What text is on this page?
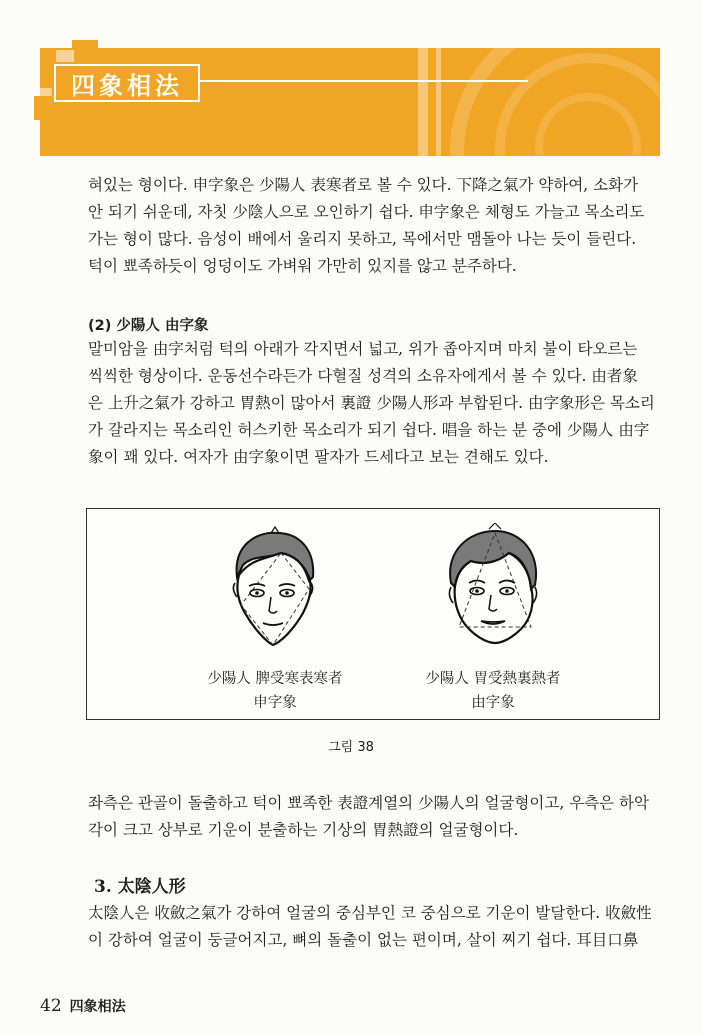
四象相法

혀있는 형이다. 申字象은 少陽人 表寒者로 볼 수 있다. 下降之氣가 약하여, 소화가

안 되기 쉬운데, 자칫 少陰人으로 오인하기 쉽다. 申字象은 체형도 가늘고 목소리도

가는 형이 많다. 음성이 배에서 울리지 못하고, 목에서만 맴돌아 나는 듯이 들린다.

턱이 뾰족하듯이 엉덩이도 가벼워 가만히 있지를 않고 분주하다.

(2) 少陽人 由字象

말미암을 由字처럼 턱의 아래가 각지면서 넓고, 위가 좁아지며 마치 불이 타오르는

씩씩한 형상이다. 운동선수라든가 다혈질 성격의 소유자에게서 볼 수 있다. 由者象

은 上升之氣가 강하고 胃熱이 많아서 裏證 少陽人形과 부합된다. 由字象形은 목소리

가 갈라지는 목소리인 허스키한 목소리가 되기 쉽다. 唱을 하는 분 중에 少陽人 由字

象이 꽤 있다. 여자가 由字象이면 팔자가 드세다고 보는 견해도 있다.

少陽人 脾受寒表寒者
申字象
少陽人 胃受熱裏熱者
由字象
그림 38

좌측은 관골이 돌출하고 턱이 뾰족한 表證계열의 少陽人의 얼굴형이고, 우측은 하악

각이 크고 상부로 기운이 분출하는 기상의 胃熱證의 얼굴형이다.

3. 太陰人形

太陰人은 收斂之氣가 강하여 얼굴의 중심부인 코 중심으로 기운이 발달한다. 收斂性

이 강하여 얼굴이 둥글어지고, 뼈의 돌출이 없는 편이며, 살이 찌기 쉽다. 耳目口鼻

42 四象相法
